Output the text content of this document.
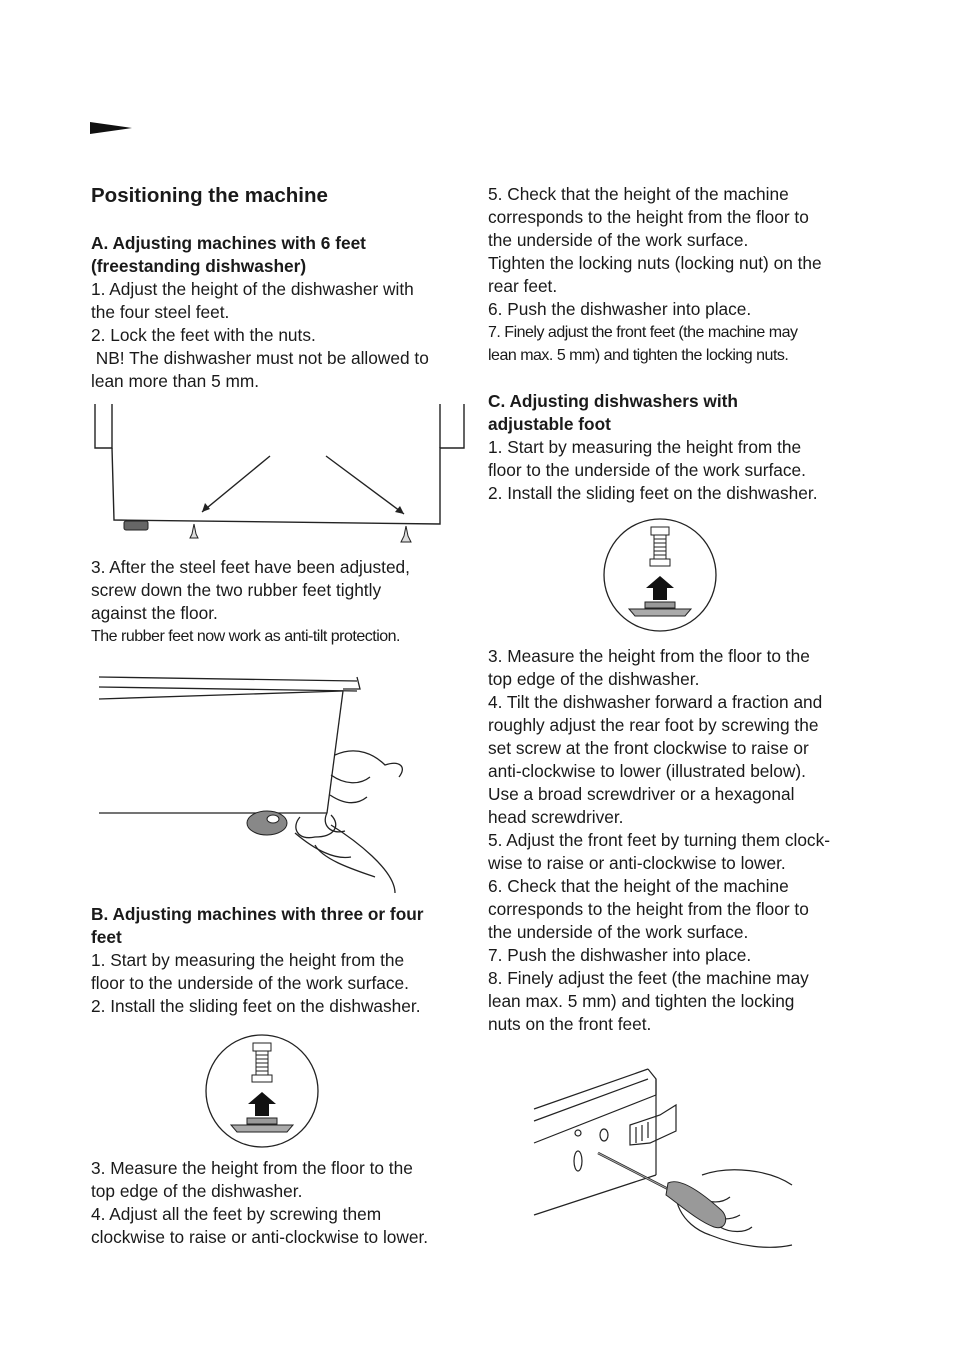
Positioning the machine

A. Adjusting machines with 6 feet

(freestanding dishwasher)

1. Adjust the height of the dishwasher with

the four steel feet.

2. Lock the feet with the nuts.

NB! The dishwasher must not be allowed to

lean more than 5 mm.

3. After the steel feet have been adjusted,

screw down the two rubber feet tightly

against the floor.

The rubber feet now work as anti-tilt protection.

B. Adjusting machines with three or four

feet

1. Start by measuring the height from the

floor to the underside of the work surface.

2. Install the sliding feet on the dishwasher.

3. Measure the height from the floor to the

top edge of the dishwasher.

4. Adjust all the feet by screwing them

clockwise to raise or anti-clockwise to lower.

5. Check that the height of the machine

corresponds to the height from the floor to

the underside of the work surface.

Tighten the locking nuts (locking nut) on the

rear feet.

6. Push the dishwasher into place.

7. Finely adjust the front feet (the machine may

lean max. 5 mm) and tighten the locking nuts.

C. Adjusting dishwashers with

adjustable foot

1. Start by measuring the height from the

floor to the underside of the work surface.

2. Install the sliding feet on the dishwasher.

3. Measure the height from the floor to the

top edge of the dishwasher.

4. Tilt the dishwasher forward a fraction and

roughly adjust the rear foot by screwing the

set screw at the front clockwise to raise or

anti-clockwise to lower (illustrated below).

Use a broad screwdriver or a hexagonal

head screwdriver.

5. Adjust the front feet by turning them clock-

wise to raise or anti-clockwise to lower.

6. Check that the height of the machine

corresponds to the height from the floor to

the underside of the work surface.

7. Push the dishwasher into place.

8. Finely adjust the feet (the machine may

lean max. 5 mm) and tighten the locking

nuts on the front feet.
